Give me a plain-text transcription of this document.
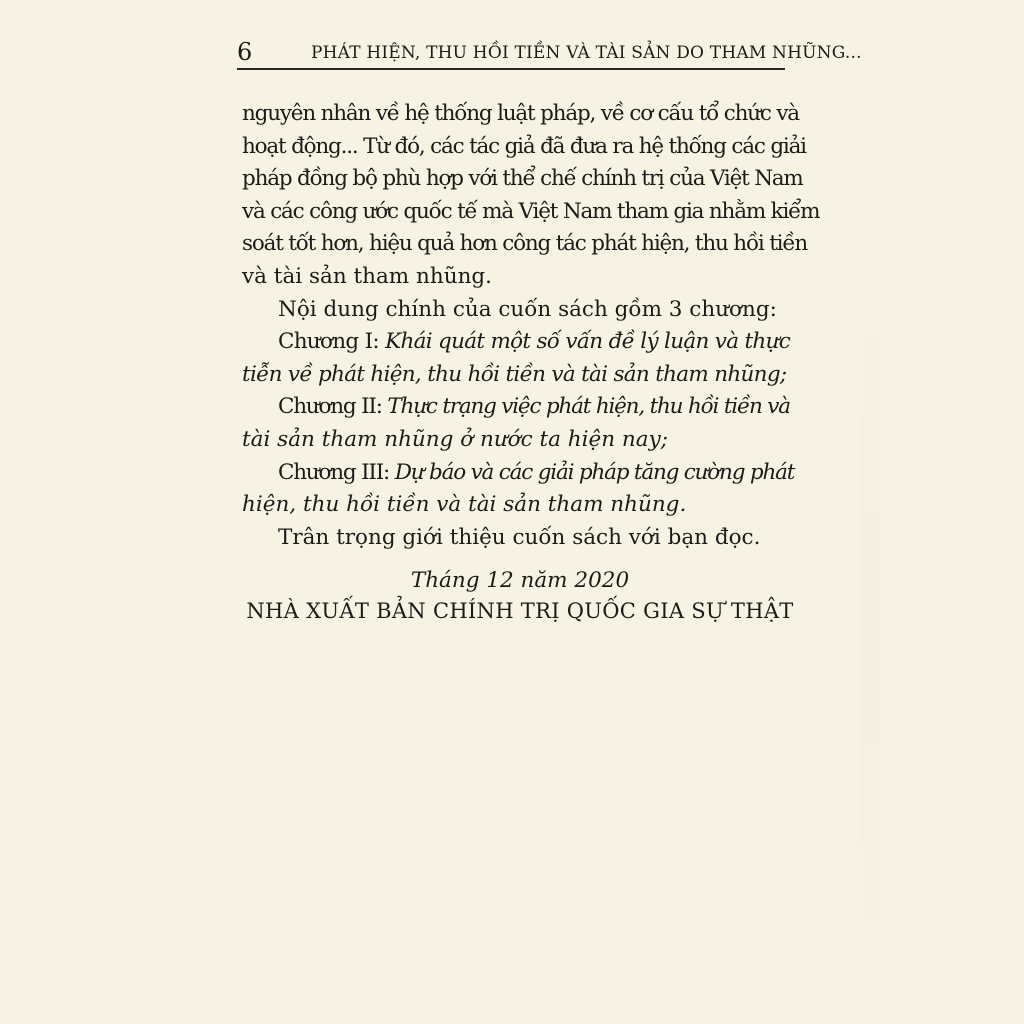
6	PHÁT HIỆN, THU HỒI TIỀN VÀ TÀI SẢN DO THAM NHŨNG...
nguyên nhân về hệ thống luật pháp, về cơ cấu tổ chức và
hoạt động... Từ đó, các tác giả đã đưa ra hệ thống các giải
pháp đồng bộ phù hợp với thể chế chính trị của Việt Nam
và các công ước quốc tế mà Việt Nam tham gia nhằm kiểm
soát tốt hơn, hiệu quả hơn công tác phát hiện, thu hồi tiền
và tài sản tham nhũng.
Nội dung chính của cuốn sách gồm 3 chương:
Chương I: Khái quát một số vấn đề lý luận và thực
tiễn về phát hiện, thu hồi tiền và tài sản tham nhũng;
Chương II: Thực trạng việc phát hiện, thu hồi tiền và
tài sản tham nhũng ở nước ta hiện nay;
Chương III: Dự báo và các giải pháp tăng cường phát
hiện, thu hồi tiền và tài sản tham nhũng.
Trân trọng giới thiệu cuốn sách với bạn đọc.
Tháng 12 năm 2020
NHÀ XUẤT BẢN CHÍNH TRỊ QUỐC GIA SỰ THẬT
